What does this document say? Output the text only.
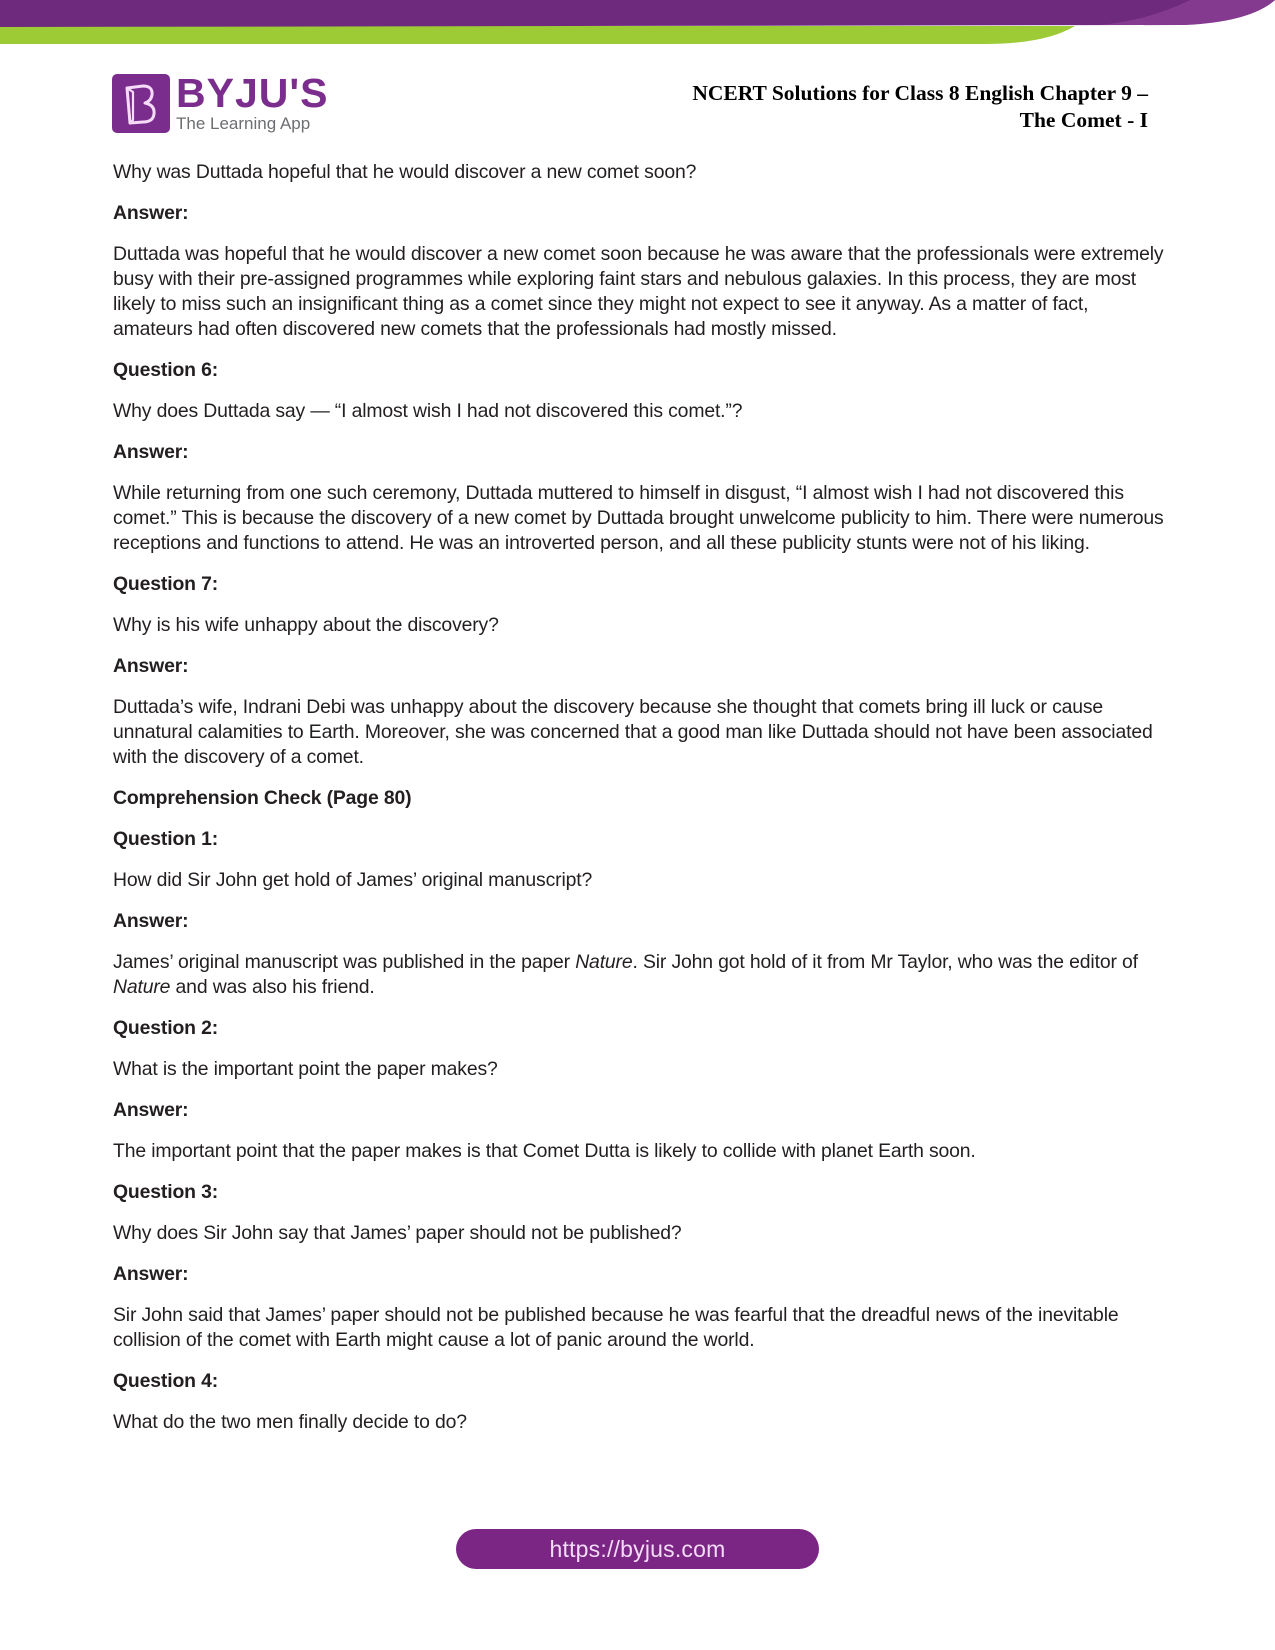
BYJU'S
The Learning App
NCERT Solutions for Class 8 English Chapter 9 –
The Comet - I

Why was Duttada hopeful that he would discover a new comet soon?

Answer:

Duttada was hopeful that he would discover a new comet soon because he was aware that the professionals were extremely busy with their pre-assigned programmes while exploring faint stars and nebulous galaxies. In this process, they are most likely to miss such an insignificant thing as a comet since they might not expect to see it anyway. As a matter of fact, amateurs had often discovered new comets that the professionals had mostly missed.

Question 6:

Why does Duttada say — “I almost wish I had not discovered this comet.”?

Answer:

While returning from one such ceremony, Duttada muttered to himself in disgust, “I almost wish I had not discovered this comet.” This is because the discovery of a new comet by Duttada brought unwelcome publicity to him. There were numerous receptions and functions to attend. He was an introverted person, and all these publicity stunts were not of his liking.

Question 7:

Why is his wife unhappy about the discovery?

Answer:

Duttada’s wife, Indrani Debi was unhappy about the discovery because she thought that comets bring ill luck or cause unnatural calamities to Earth. Moreover, she was concerned that a good man like Duttada should not have been associated with the discovery of a comet.

Comprehension Check (Page 80)

Question 1:

How did Sir John get hold of James’ original manuscript?

Answer:

James’ original manuscript was published in the paper Nature. Sir John got hold of it from Mr Taylor, who was the editor of Nature and was also his friend.

Question 2:

What is the important point the paper makes?

Answer:

The important point that the paper makes is that Comet Dutta is likely to collide with planet Earth soon.

Question 3:

Why does Sir John say that James’ paper should not be published?

Answer:

Sir John said that James’ paper should not be published because he was fearful that the dreadful news of the inevitable collision of the comet with Earth might cause a lot of panic around the world.

Question 4:

What do the two men finally decide to do?

https://byjus.com
